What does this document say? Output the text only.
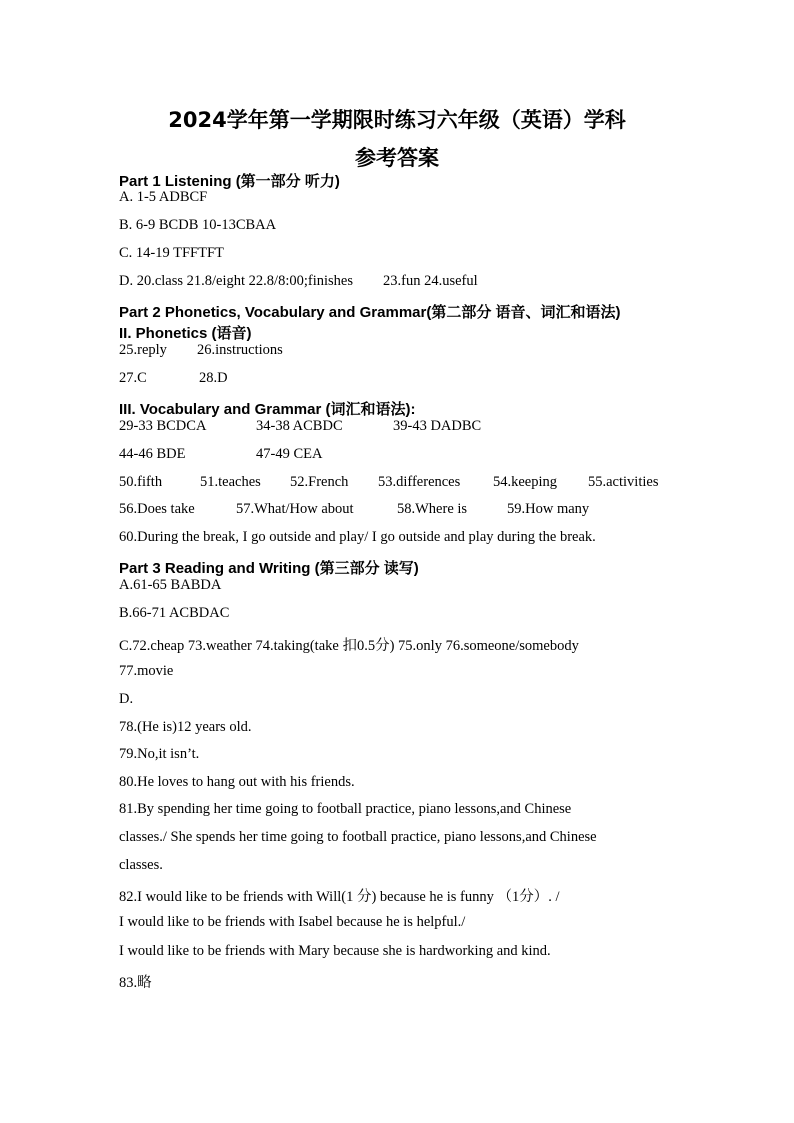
2024学年第一学期限时练习六年级（英语）学科
参考答案
Part 1 Listening (第一部分 听力)
A. 1-5 ADBCF
B. 6-9 BCDB 10-13CBAA
C. 14-19 TFFTFT
D. 20.class 21.8/eight 22.8/8:00;finishes 23.fun 24.useful
Part 2 Phonetics, Vocabulary and Grammar(第二部分 语音、词汇和语法)
II. Phonetics (语音)
25.reply 26.instructions
27.C	28.D
III. Vocabulary and Grammar (词汇和语法):
29-33 BCDCA	34-38 ACBDC	39-43 DADBC
44-46 BDE	47-49 CEA
50.fifth	51.teaches 52.French 53.differences 54.keeping 55.activities
56.Does take	57.What/How about	58.Where is	59.How many
60.During the break, I go outside and play/ I go outside and play during the break.
Part 3 Reading and Writing (第三部分 读写)
A.61-65 BABDA
B.66-71 ACBDAC
C.72.cheap 73.weather 74.taking(take 扣0.5分) 75.only 76.someone/somebody
77.movie
D.
78.(He is)12 years old.
79.No,it isn’t.
80.He loves to hang out with his friends.
81.By spending her time going to football practice, piano lessons,and Chinese
classes./ She spends her time going to football practice, piano lessons,and Chinese
classes.
82.I would like to be friends with Will(1 分) because he is funny （1分）. /
I would like to be friends with Isabel because he is helpful./
I would like to be friends with Mary because she is hardworking and kind.
83.略
